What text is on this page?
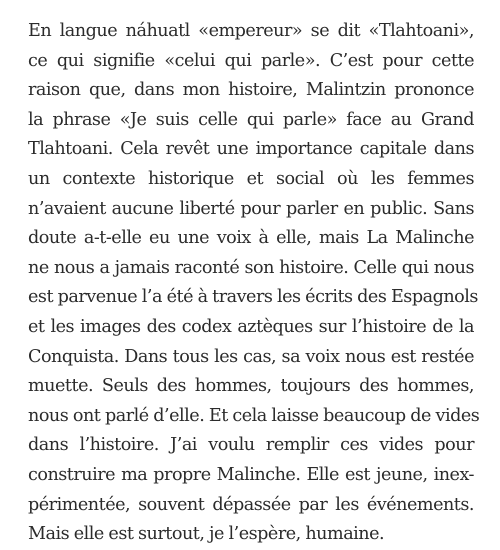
En langue náhuatl «empereur» se dit «Tlahtoani»,
ce qui signifie «celui qui parle». C’est pour cette
raison que, dans mon histoire, Malintzin prononce
la phrase «Je suis celle qui parle» face au Grand
Tlahtoani. Cela revêt une importance capitale dans
un contexte historique et social où les femmes
n’avaient aucune liberté pour parler en public. Sans
doute a-t-elle eu une voix à elle, mais La Malinche
ne nous a jamais raconté son histoire. Celle qui nous
est parvenue l’a été à travers les écrits des Espagnols
et les images des codex aztèques sur l’histoire de la
Conquista. Dans tous les cas, sa voix nous est restée
muette. Seuls des hommes, toujours des hommes,
nous ont parlé d’elle. Et cela laisse beaucoup de vides
dans l’histoire. J’ai voulu remplir ces vides pour
construire ma propre Malinche. Elle est jeune, inex-
périmentée, souvent dépassée par les événements.
Mais elle est surtout, je l’espère, humaine.
